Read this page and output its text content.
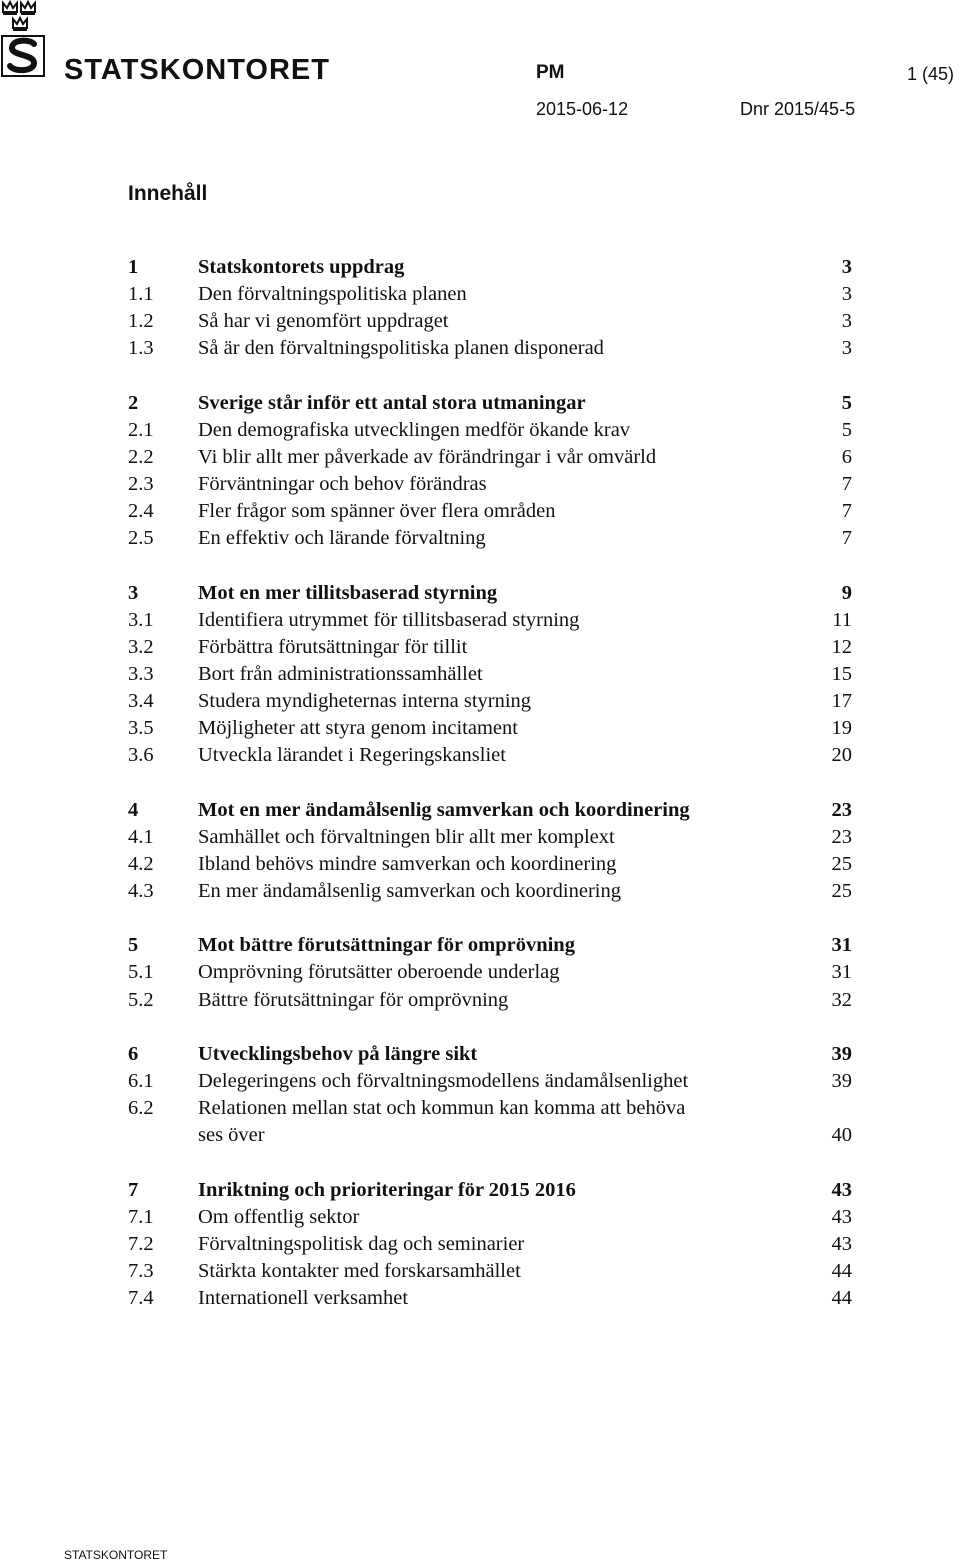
STATSKONTORET	PM	1 (45)
2015-06-12	Dnr 2015/45-5
Innehåll
1	Statskontorets uppdrag	3
1.1 Den förvaltningspolitiska planen	3
1.2 Så har vi genomfört uppdraget	3
1.3 Så är den förvaltningspolitiska planen disponerad	3
2	Sverige står inför ett antal stora utmaningar	5
2.1 Den demografiska utvecklingen medför ökande krav	5
2.2 Vi blir allt mer påverkade av förändringar i vår omvärld	6
2.3 Förväntningar och behov förändras	7
2.4 Fler frågor som spänner över flera områden	7
2.5 En effektiv och lärande förvaltning	7
3	Mot en mer tillitsbaserad styrning	9
3.1 Identifiera utrymmet för tillitsbaserad styrning	11
3.2 Förbättra förutsättningar för tillit	12
3.3 Bort från administrationssamhället	15
3.4 Studera myndigheternas interna styrning	17
3.5 Möjligheter att styra genom incitament	19
3.6 Utveckla lärandet i Regeringskansliet	20
4	Mot en mer ändamålsenlig samverkan och koordinering	23
4.1 Samhället och förvaltningen blir allt mer komplext	23
4.2 Ibland behövs mindre samverkan och koordinering	25
4.3 En mer ändamålsenlig samverkan och koordinering	25
5	Mot bättre förutsättningar för omprövning	31
5.1 Omprövning förutsätter oberoende underlag	31
5.2 Bättre förutsättningar för omprövning	32
6	Utvecklingsbehov på längre sikt	39
6.1 Delegeringens och förvaltningsmodellens ändamålsenlighet	39
6.2 Relationen mellan stat och kommun kan komma att behöva
ses över	40
7	Inriktning och prioriteringar för 2015 2016	43
7.1 Om offentlig sektor	43
7.2 Förvaltningspolitisk dag och seminarier	43
7.3 Stärkta kontakter med forskarsamhället	44
7.4 Internationell verksamhet	44
STATSKONTORET
